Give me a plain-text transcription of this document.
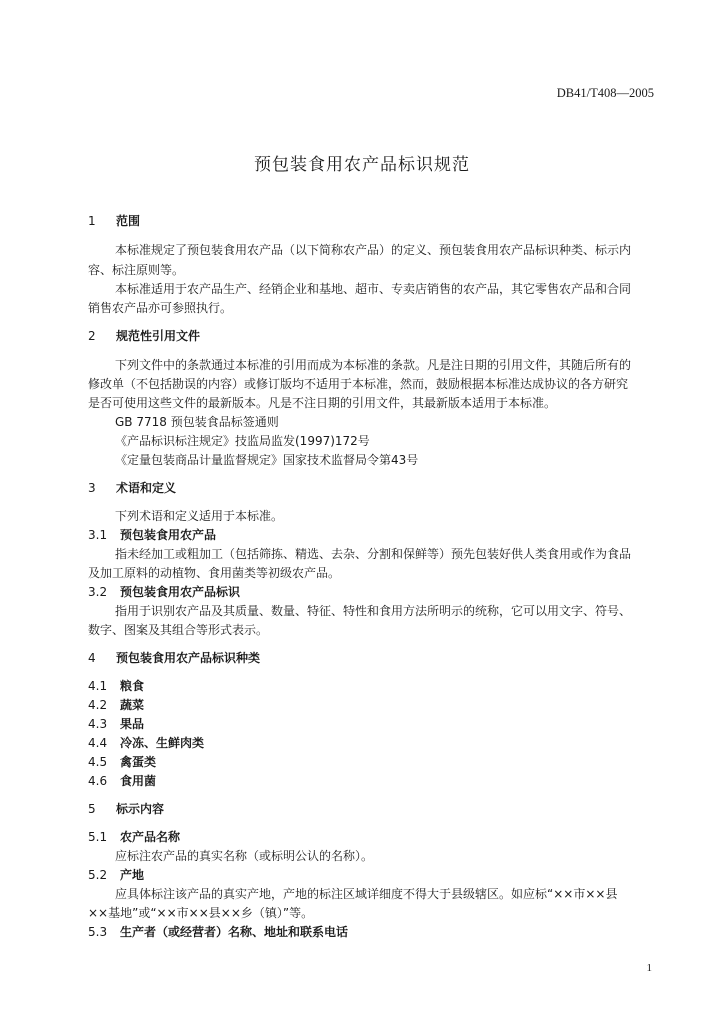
DB41/T408—2005
预包装食用农产品标识规范
1 范围
本标准规定了预包装食用农产品（以下简称农产品）的定义、预包装食用农产品标识种类、标示内
容、标注原则等。
本标准适用于农产品生产、经销企业和基地、超市、专卖店销售的农产品，其它零售农产品和合同
销售农产品亦可参照执行。
2 规范性引用文件
下列文件中的条款通过本标准的引用而成为本标准的条款。凡是注日期的引用文件，其随后所有的
修改单（不包括勘误的内容）或修订版均不适用于本标准，然而，鼓励根据本标准达成协议的各方研究
是否可使用这些文件的最新版本。凡是不注日期的引用文件，其最新版本适用于本标准。
GB 7718 预包装食品标签通则
《产品标识标注规定》技监局监发(1997)172号
《定量包装商品计量监督规定》国家技术监督局令第43号
3 术语和定义
下列术语和定义适用于本标准。
3.1 预包装食用农产品
指未经加工或粗加工（包括筛拣、精选、去杂、分割和保鲜等）预先包装好供人类食用或作为食品
及加工原料的动植物、食用菌类等初级农产品。
3.2 预包装食用农产品标识
指用于识别农产品及其质量、数量、特征、特性和食用方法所明示的统称，它可以用文字、符号、
数字、图案及其组合等形式表示。
4 预包装食用农产品标识种类
4.1 粮食
4.2 蔬菜
4.3 果品
4.4 冷冻、生鲜肉类
4.5 禽蛋类
4.6 食用菌
5 标示内容
5.1 农产品名称
应标注农产品的真实名称（或标明公认的名称）。
5.2 产地
应具体标注该产品的真实产地，产地的标注区域详细度不得大于县级辖区。如应标“××市××县
××基地”或“××市××县××乡（镇）”等。
5.3 生产者（或经营者）名称、地址和联系电话
1
